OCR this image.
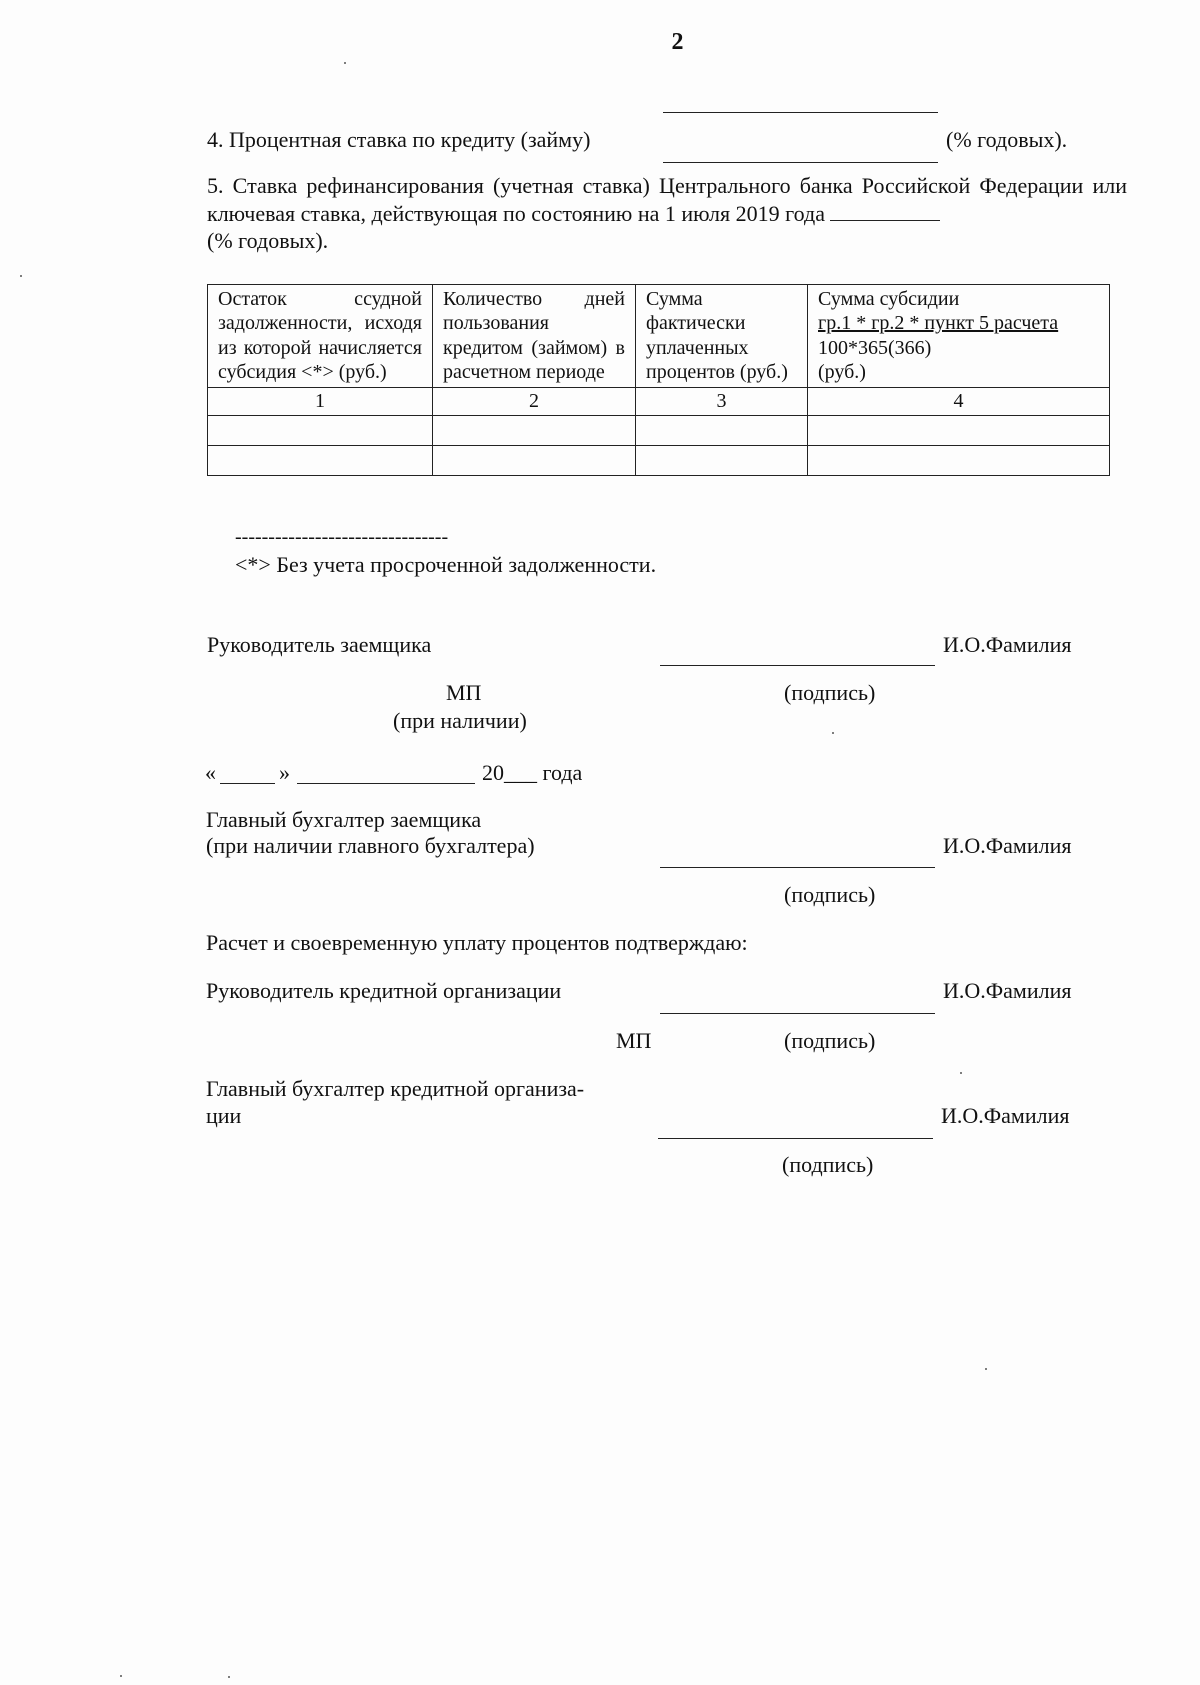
2
4. Процентная ставка по кредиту (займу)	(% годовых).
5. Ставка рефинансирования (учетная ставка) Центрального банка Российской Федерации или ключевая ставка, действующая по состоянию на 1 июля 2019 года
(% годовых).
Остаток ссудной задолженности, исходя из которой начисляется субсидия <*> (руб.)	Количество дней пользования кредитом (займом) в расчетном периоде	Сумма фактически уплаченных процентов (руб.)	Сумма субсидии
гр.1 * гр.2 * пункт 5 расчета
100*365(366)
(руб.)

1	2	3	4

--------------------------------
<*> Без учета просроченной задолженности.
Руководитель заемщика	И.О.Фамилия
МП	(подпись)
(при наличии)
«	»	20___ года
Главный бухгалтер заемщика
(при наличии главного бухгалтера)	И.О.Фамилия
(подпись)
Расчет и своевременную уплату процентов подтверждаю:
Руководитель кредитной организации	И.О.Фамилия
МП	(подпись)
Главный бухгалтер кредитной организа-
ции	И.О.Фамилия
(подпись)
